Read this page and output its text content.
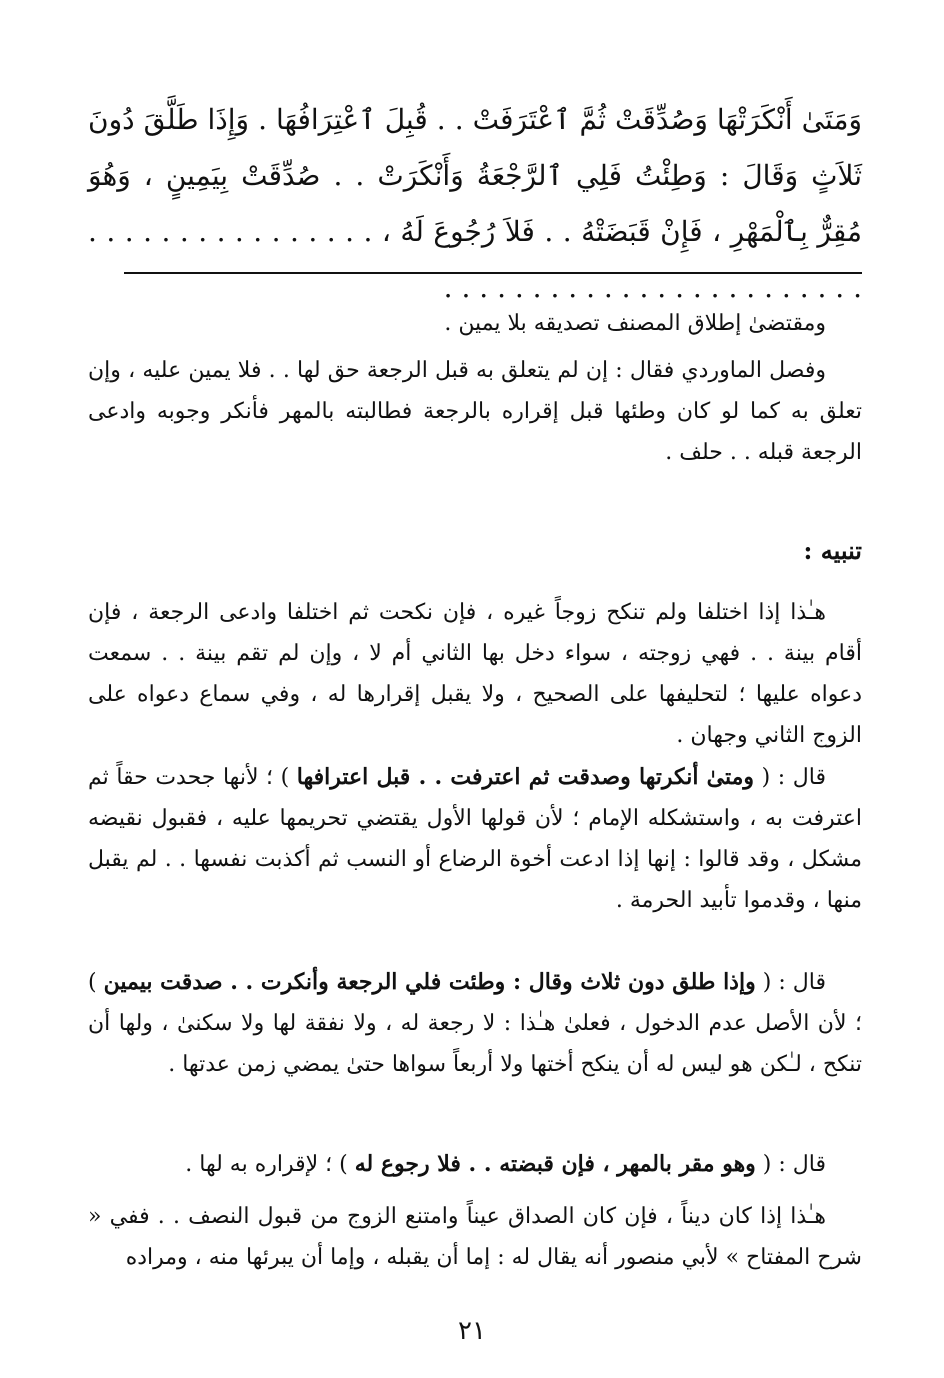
وَمَتَىٰ أَنْكَرَتْهَا وَصُدِّقَتْ ثُمَّ ٱعْتَرَفَتْ . . قُبِلَ ٱعْتِرَافُهَا . وَإِذَا طَلَّقَ دُونَ ثَلاَثٍ وَقَالَ : وَطِئْتُ فَلِي ٱلرَّجْعَةُ وَأَنْكَرَتْ . . صُدِّقَتْ بِيَمِينٍ ، وَهُوَ مُقِرٌّ بِٱلْمَهْرِ ، فَإِنْ قَبَضَتْهُ . . فَلاَ رُجُوعَ لَهُ ، . . . . . . . . . . . . . . . . . . . . . . . . . . . . . . . . . . . . . . . .

ومقتضىٰ إطلاق المصنف تصديقه بلا يمين .

وفصل الماوردي فقال : إن لم يتعلق به قبل الرجعة حق لها . . فلا يمين عليه ، وإن تعلق به كما لو كان وطئها قبل إقراره بالرجعة فطالبته بالمهر فأنكر وجوبه وادعى الرجعة قبله . . حلف .

تنبيه :

هـٰذا إذا اختلفا ولم تنكح زوجاً غيره ، فإن نكحت ثم اختلفا وادعى الرجعة ، فإن أقام بينة . . فهي زوجته ، سواء دخل بها الثاني أم لا ، وإن لم تقم بينة . . سمعت دعواه عليها ؛ لتحليفها على الصحيح ، ولا يقبل إقرارها له ، وفي سماع دعواه على الزوج الثاني وجهان .

قال : ( ومتىٰ أنكرتها وصدقت ثم اعترفت . . قبل اعترافها ) ؛ لأنها جحدت حقاً ثم اعترفت به ، واستشكله الإمام ؛ لأن قولها الأول يقتضي تحريمها عليه ، فقبول نقيضه مشكل ، وقد قالوا : إنها إذا ادعت أخوة الرضاع أو النسب ثم أكذبت نفسها . . لم يقبل منها ، وقدموا تأبيد الحرمة .

قال : ( وإذا طلق دون ثلاث وقال : وطئت فلي الرجعة وأنكرت . . صدقت بيمين ) ؛ لأن الأصل عدم الدخول ، فعلىٰ هـٰذا : لا رجعة له ، ولا نفقة لها ولا سكنىٰ ، ولها أن تنكح ، لـٰكن هو ليس له أن ينكح أختها ولا أربعاً سواها حتىٰ يمضي زمن عدتها .

قال : ( وهو مقر بالمهر ، فإن قبضته . . فلا رجوع له ) ؛ لإقراره به لها .

هـٰذا إذا كان ديناً ، فإن كان الصداق عيناً وامتنع الزوج من قبول النصف . . ففي « شرح المفتاح » لأبي منصور أنه يقال له : إما أن يقبله ، وإما أن يبرئها منه ، ومراده

٢١
